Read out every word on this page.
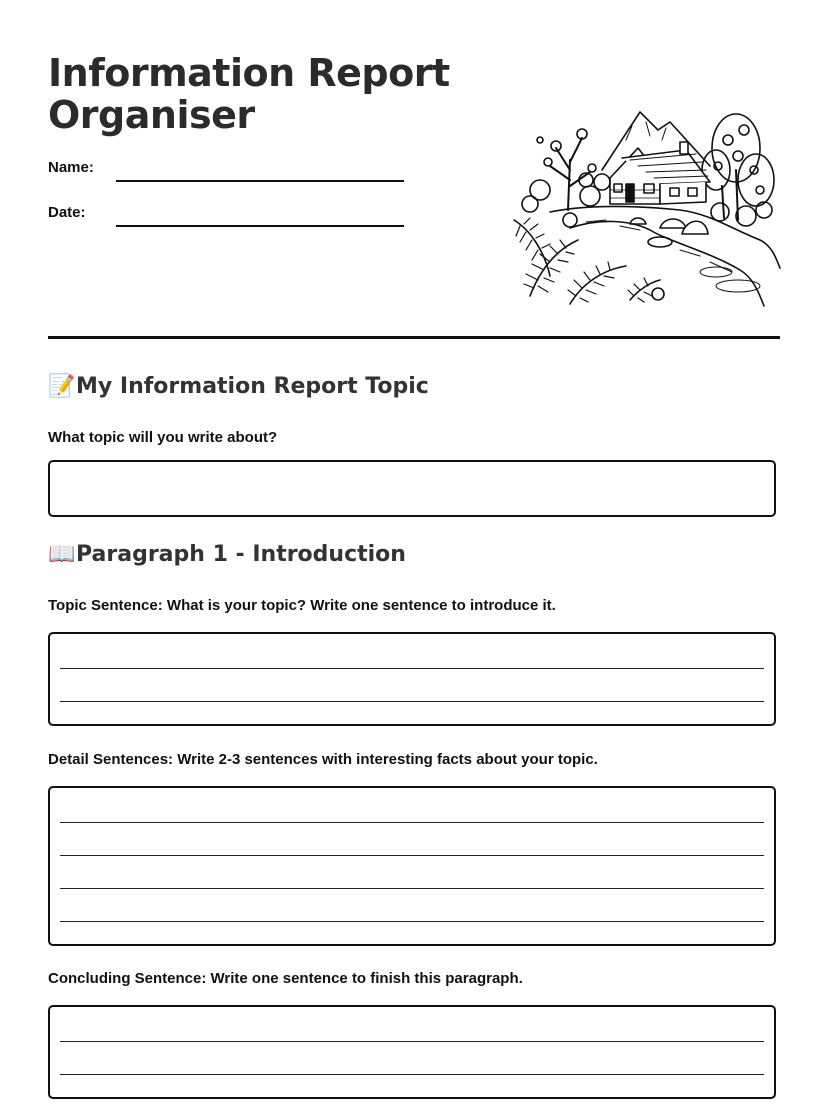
Information Report
Organiser
Name:
Date:
📝My Information Report Topic

What topic will you write about?

📖Paragraph 1 - Introduction

Topic Sentence: What is your topic? Write one sentence to introduce it.

Detail Sentences: Write 2-3 sentences with interesting facts about your topic.

Concluding Sentence: Write one sentence to finish this paragraph.
